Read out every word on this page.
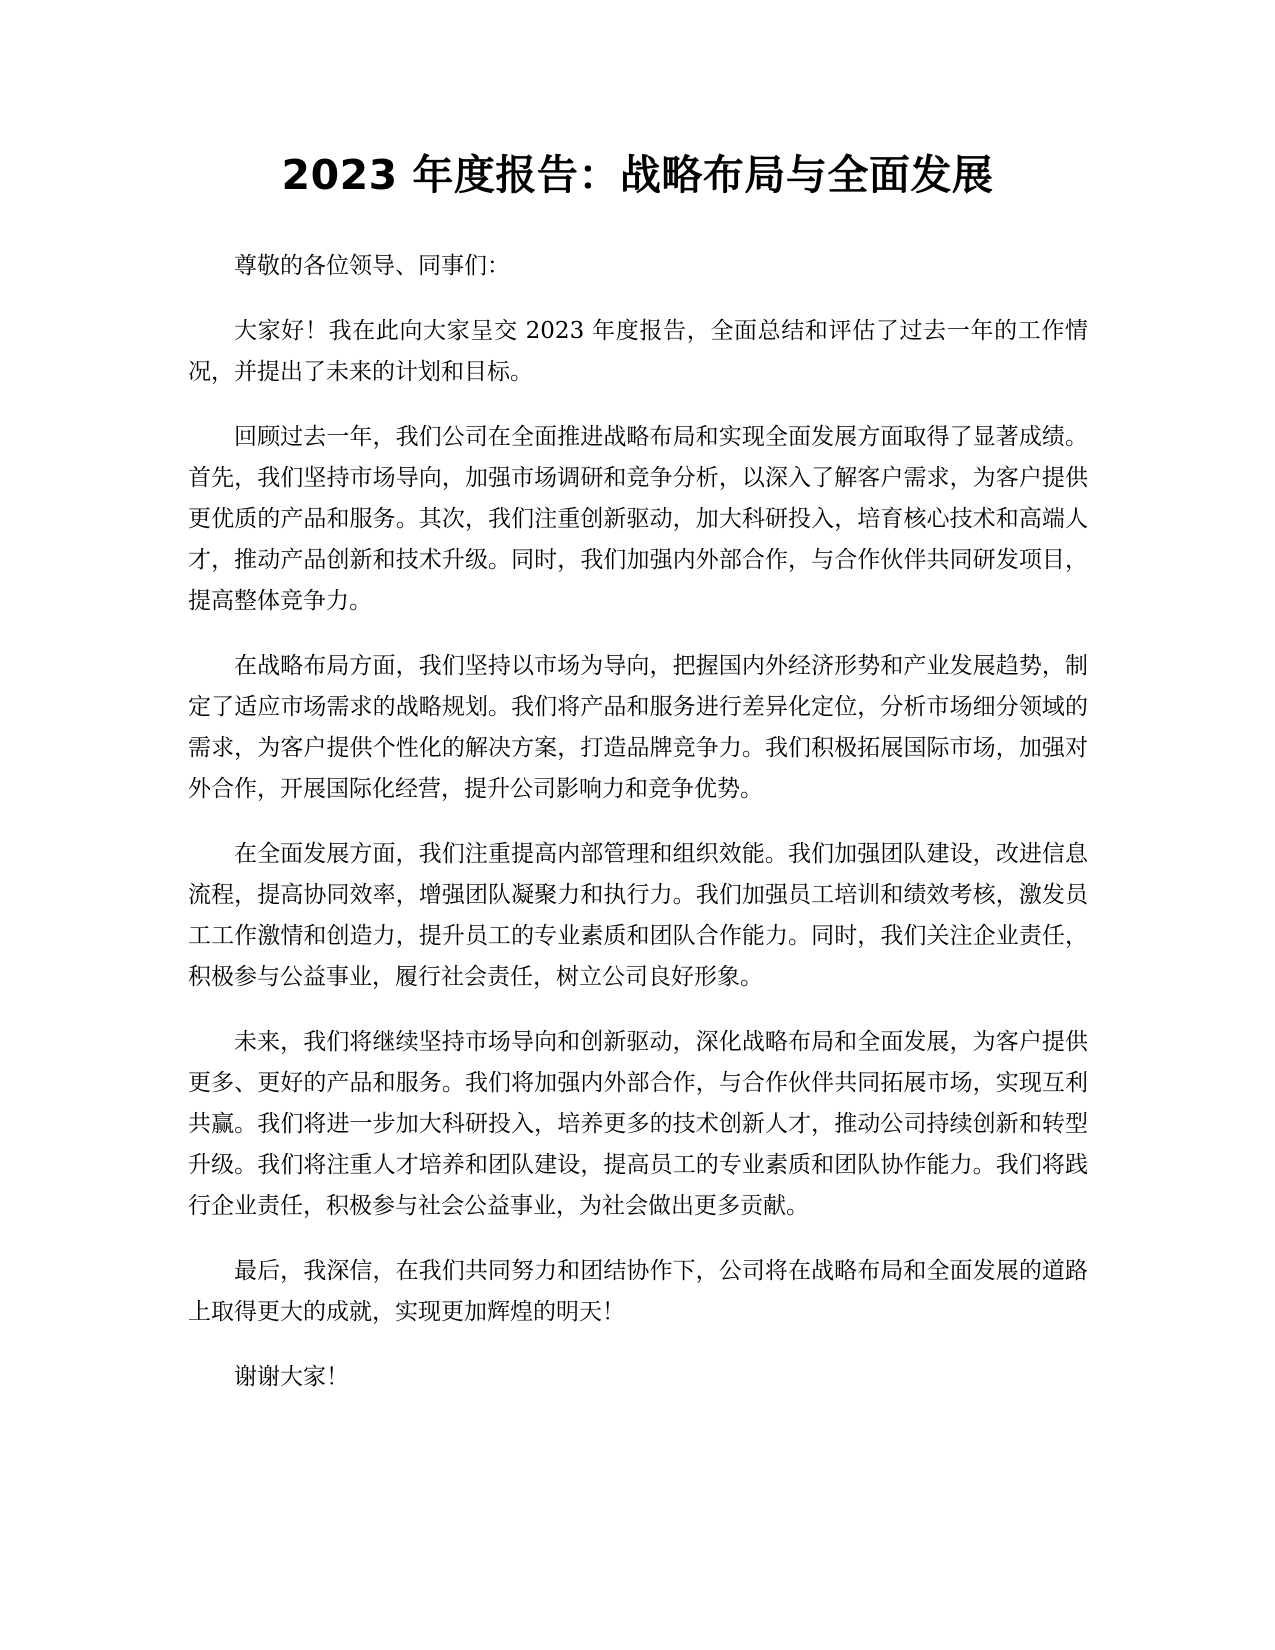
2023 年度报告：战略布局与全面发展

尊敬的各位领导、同事们：

大家好！我在此向大家呈交 2023 年度报告，全面总结和评估了过去一年的工作情况，并提出了未来的计划和目标。

回顾过去一年，我们公司在全面推进战略布局和实现全面发展方面取得了显著成绩。首先，我们坚持市场导向，加强市场调研和竞争分析，以深入了解客户需求，为客户提供更优质的产品和服务。其次，我们注重创新驱动，加大科研投入，培育核心技术和高端人才，推动产品创新和技术升级。同时，我们加强内外部合作，与合作伙伴共同研发项目，提高整体竞争力。

在战略布局方面，我们坚持以市场为导向，把握国内外经济形势和产业发展趋势，制定了适应市场需求的战略规划。我们将产品和服务进行差异化定位，分析市场细分领域的需求，为客户提供个性化的解决方案，打造品牌竞争力。我们积极拓展国际市场，加强对外合作，开展国际化经营，提升公司影响力和竞争优势。

在全面发展方面，我们注重提高内部管理和组织效能。我们加强团队建设，改进信息流程，提高协同效率，增强团队凝聚力和执行力。我们加强员工培训和绩效考核，激发员工工作激情和创造力，提升员工的专业素质和团队合作能力。同时，我们关注企业责任，积极参与公益事业，履行社会责任，树立公司良好形象。

未来，我们将继续坚持市场导向和创新驱动，深化战略布局和全面发展，为客户提供更多、更好的产品和服务。我们将加强内外部合作，与合作伙伴共同拓展市场，实现互利共赢。我们将进一步加大科研投入，培养更多的技术创新人才，推动公司持续创新和转型升级。我们将注重人才培养和团队建设，提高员工的专业素质和团队协作能力。我们将践行企业责任，积极参与社会公益事业，为社会做出更多贡献。

最后，我深信，在我们共同努力和团结协作下，公司将在战略布局和全面发展的道路上取得更大的成就，实现更加辉煌的明天！

谢谢大家！
